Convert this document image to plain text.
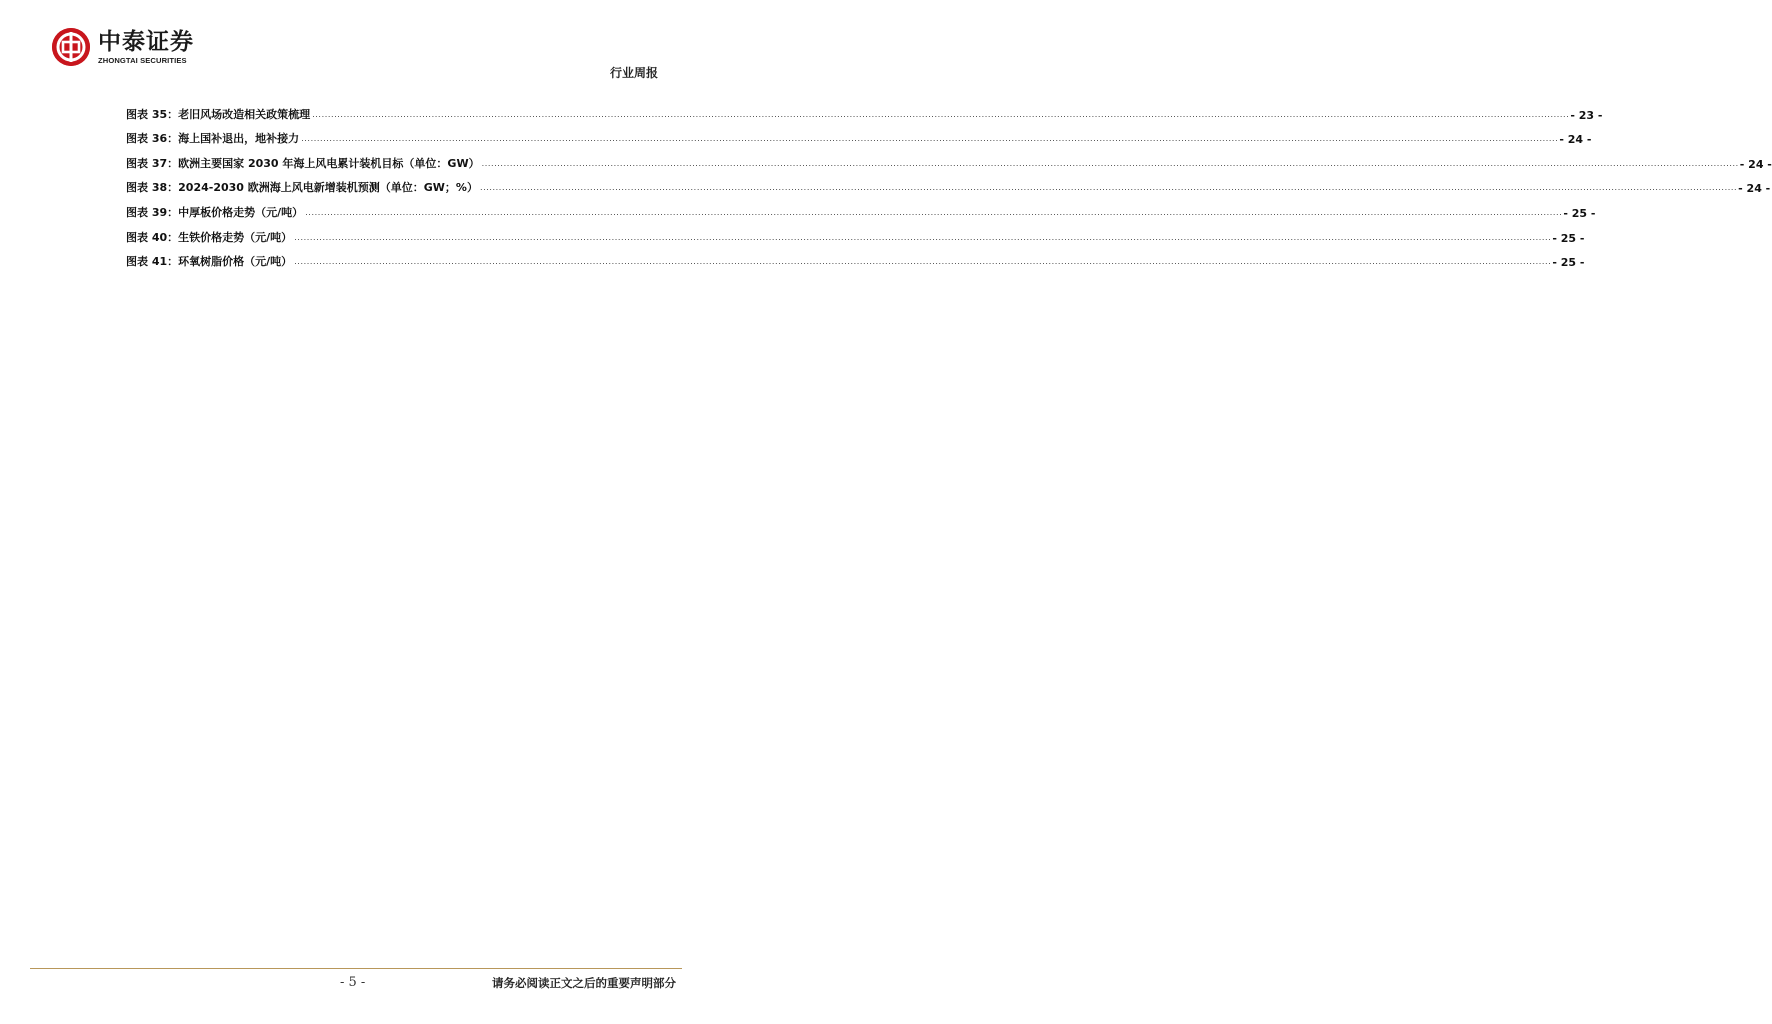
中泰证券
ZHONGTAI SECURITIES
行业周报
图表 35：老旧风场改造相关政策梳理 ................................................................................................................................................................................................................................................................................................................................................................................................................ - 23 -
图表 36：海上国补退出，地补接力 ................................................................................................................................................................................................................................................................................................................................................................................................................ - 24 -
图表 37：欧洲主要国家 2030 年海上风电累计装机目标（单位：GW） ................................................................................................................................................................................................................................................................................................................................................................................................................ - 24 -
图表 38：2024-2030 欧洲海上风电新增装机预测（单位：GW；%） ................................................................................................................................................................................................................................................................................................................................................................................................................ - 24 -
图表 39：中厚板价格走势（元/吨） ................................................................................................................................................................................................................................................................................................................................................................................................................ - 25 -
图表 40：生铁价格走势（元/吨） ................................................................................................................................................................................................................................................................................................................................................................................................................ - 25 -
图表 41：环氧树脂价格（元/吨） ................................................................................................................................................................................................................................................................................................................................................................................................................ - 25 -
- 5 -	请务必阅读正文之后的重要声明部分
